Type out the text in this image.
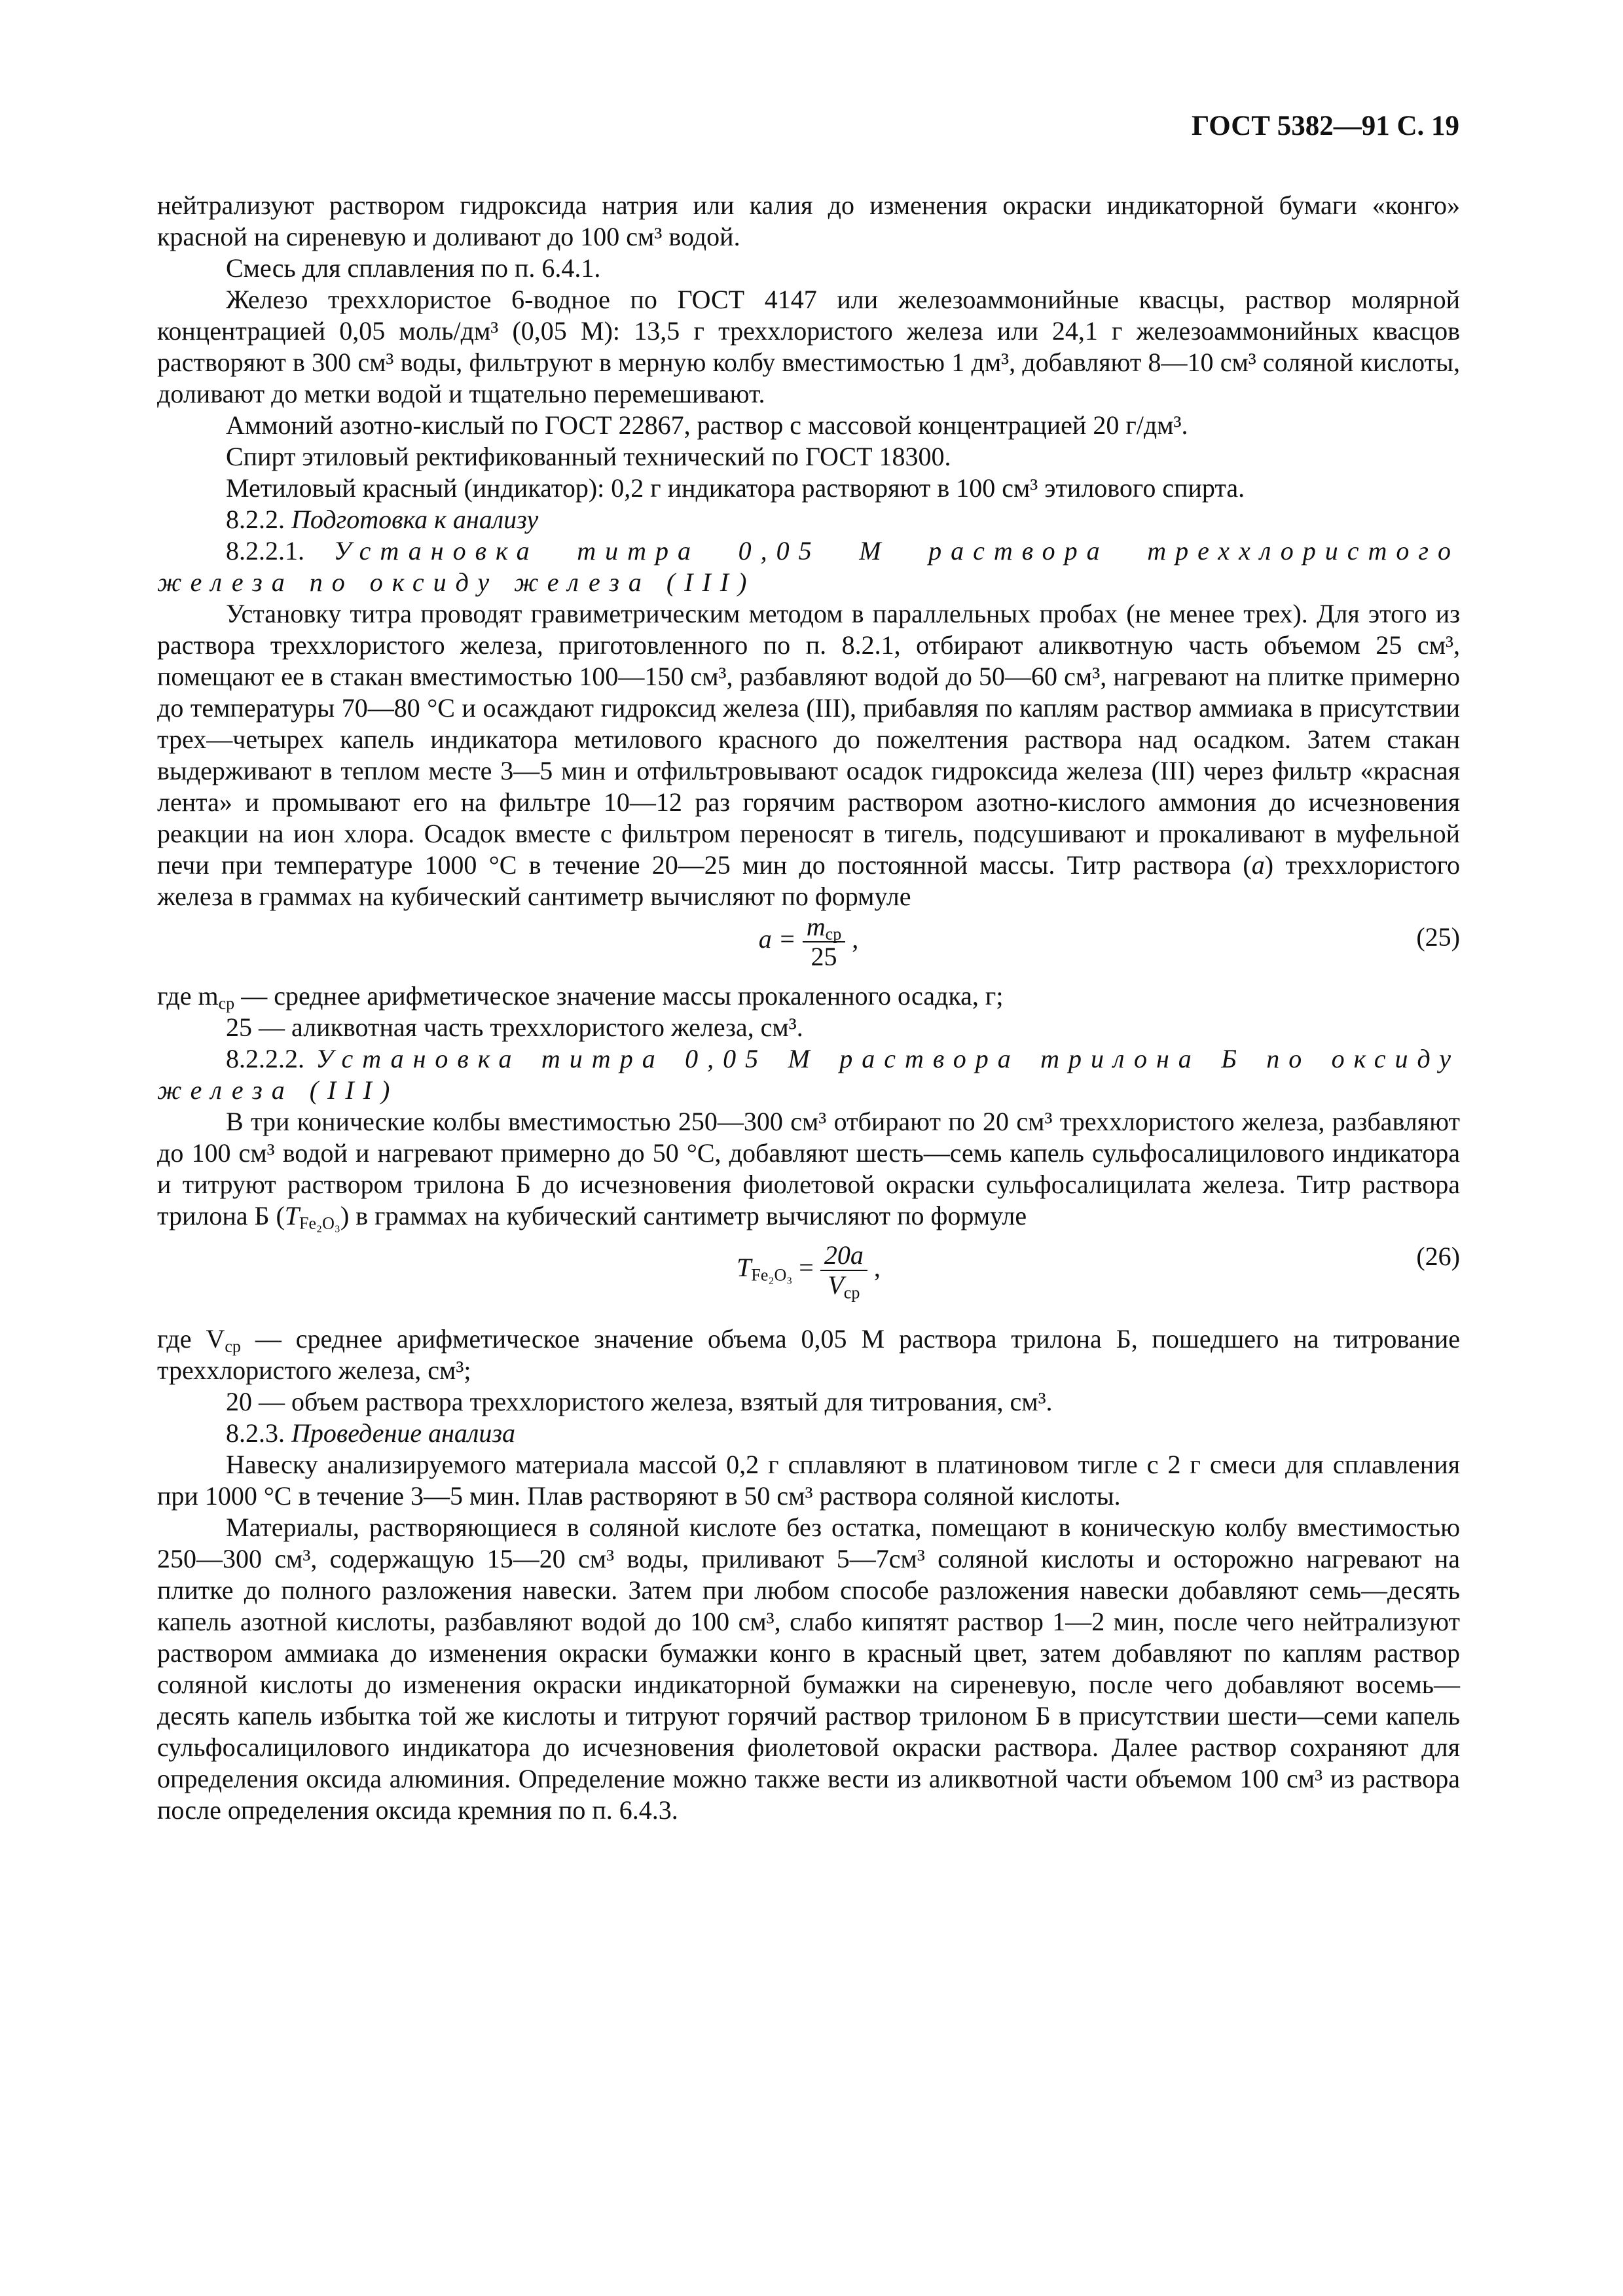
ГОСТ 5382—91 С. 19

нейтрализуют раствором гидроксида натрия или калия до изменения окраски индикаторной бумаги «конго» красной на сиреневую и доливают до 100 см³ водой.

Смесь для сплавления по п. 6.4.1.

Железо треххлористое 6-водное по ГОСТ 4147 или железоаммонийные квасцы, раствор молярной концентрацией 0,05 моль/дм³ (0,05 М): 13,5 г треххлористого железа или 24,1 г железоаммонийных квасцов растворяют в 300 см³ воды, фильтруют в мерную колбу вместимостью 1 дм³, добавляют 8—10 см³ соляной кислоты, доливают до метки водой и тщательно перемешивают.

Аммоний азотно-кислый по ГОСТ 22867, раствор с массовой концентрацией 20 г/дм³.

Спирт этиловый ректификованный технический по ГОСТ 18300.

Метиловый красный (индикатор): 0,2 г индикатора растворяют в 100 см³ этилового спирта.

8.2.2. Подготовка к анализу

8.2.2.1. Установка титра 0,05 М раствора треххлористого железа по оксиду железа (III)

Установку титра проводят гравиметрическим методом в параллельных пробах (не менее трех). Для этого из раствора треххлористого железа, приготовленного по п. 8.2.1, отбирают аликвотную часть объемом 25 см³, помещают ее в стакан вместимостью 100—150 см³, разбавляют водой до 50—60 см³, нагревают на плитке примерно до температуры 70—80 °С и осаждают гидроксид железа (III), прибавляя по каплям раствор аммиака в присутствии трех—четырех капель индикатора метилового красного до пожелтения раствора над осадком. Затем стакан выдерживают в теплом месте 3—5 мин и отфильтровывают осадок гидроксида железа (III) через фильтр «красная лента» и промывают его на фильтре 10—12 раз горячим раствором азотно-кислого аммония до исчезновения реакции на ион хлора. Осадок вместе с фильтром переносят в тигель, подсушивают и прокаливают в муфельной печи при температуре 1000 °С в течение 20—25 мин до постоянной массы. Титр раствора (a) треххлористого железа в граммах на кубический сантиметр вычисляют по формуле

$a = \frac{m_{ср}}{25}$ ,	(25)

где $m_{ср}$ — среднее арифметическое значение массы прокаленного осадка, г;

25 — аликвотная часть треххлористого железа, см³.

8.2.2.2. Установка титра 0,05 М раствора трилона Б по оксиду железа (III)

В три конические колбы вместимостью 250—300 см³ отбирают по 20 см³ треххлористого железа, разбавляют до 100 см³ водой и нагревают примерно до 50 °С, добавляют шесть—семь капель сульфосалицилового индикатора и титруют раствором трилона Б до исчезновения фиолетовой окраски сульфосалицилата железа. Титр раствора трилона Б $(T_{Fe_2O_3})$ в граммах на кубический сантиметр вычисляют по формуле

$T_{Fe_2O_3} = \frac{20a}{V_{ср}}$ ,	(26)

где $V_{ср}$ — среднее арифметическое значение объема 0,05 М раствора трилона Б, пошедшего на титрование треххлористого железа, см³;

20 — объем раствора треххлористого железа, взятый для титрования, см³.

8.2.3. Проведение анализа

Навеску анализируемого материала массой 0,2 г сплавляют в платиновом тигле с 2 г смеси для сплавления при 1000 °С в течение 3—5 мин. Плав растворяют в 50 см³ раствора соляной кислоты.

Материалы, растворяющиеся в соляной кислоте без остатка, помещают в коническую колбу вместимостью 250—300 см³, содержащую 15—20 см³ воды, приливают 5—7см³ соляной кислоты и осторожно нагревают на плитке до полного разложения навески. Затем при любом способе разложения навески добавляют семь—десять капель азотной кислоты, разбавляют водой до 100 см³, слабо кипятят раствор 1—2 мин, после чего нейтрализуют раствором аммиака до изменения окраски бумажки конго в красный цвет, затем добавляют по каплям раствор соляной кислоты до изменения окраски индикаторной бумажки на сиреневую, после чего добавляют восемь—десять капель избытка той же кислоты и титруют горячий раствор трилоном Б в присутствии шести—семи капель сульфосалицилового индикатора до исчезновения фиолетовой окраски раствора. Далее раствор сохраняют для определения оксида алюминия. Определение можно также вести из аликвотной части объемом 100 см³ из раствора после определения оксида кремния по п. 6.4.3.
